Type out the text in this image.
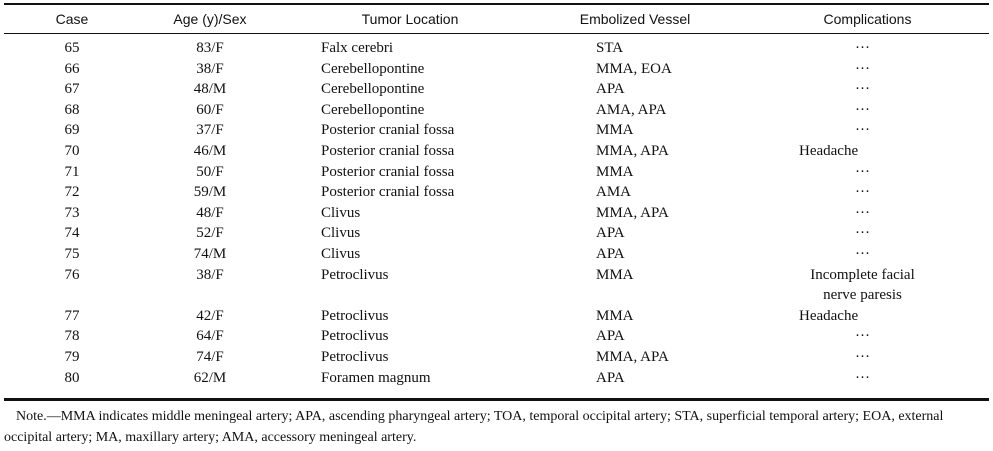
Case	Age (y)/Sex	Tumor Location	Embolized Vessel	Complications
65	83/F	Falx cerebri	STA	···
66	38/F	Cerebellopontine	MMA, EOA	···
67	48/M	Cerebellopontine	APA	···
68	60/F	Cerebellopontine	AMA, APA	···
69	37/F	Posterior cranial fossa	MMA	···
70	46/M	Posterior cranial fossa	MMA, APA	Headache
71	50/F	Posterior cranial fossa	MMA	···
72	59/M	Posterior cranial fossa	AMA	···
73	48/F	Clivus	MMA, APA	···
74	52/F	Clivus	APA	···
75	74/M	Clivus	APA	···
76	38/F	Petroclivus	MMA	Incomplete facial
nerve paresis
77	42/F	Petroclivus	MMA	Headache
78	64/F	Petroclivus	APA	···
79	74/F	Petroclivus	MMA, APA	···
80	62/M	Foramen magnum	APA	···
Note.—MMA indicates middle meningeal artery; APA, ascending pharyngeal artery; TOA, temporal occipital artery; STA, superficial temporal artery; EOA, external occipital artery; MA, maxillary artery; AMA, accessory meningeal artery.
